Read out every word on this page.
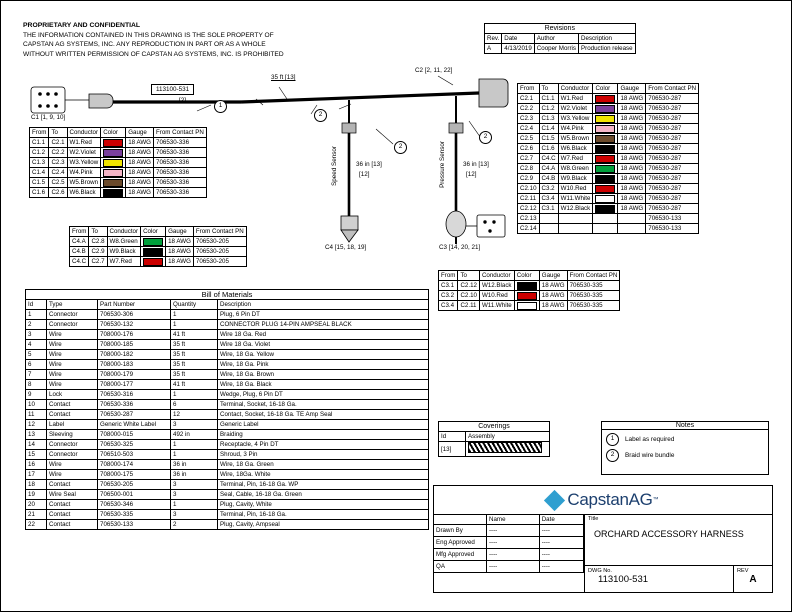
PROPRIETARY AND CONFIDENTIAL
THE INFORMATION CONTAINED IN THIS DRAWING IS THE SOLE PROPERTY OF
CAPSTAN AG SYSTEMS, INC. ANY REPRODUCTION IN PART OR AS A WHOLE
WITHOUT WRITTEN PERMISSION OF CAPSTAN AG SYSTEMS, INC. IS PROHIBITED
Revisions			
Rev.	Date	Author	Description
A	4/13/2019	Cooper Morris	Production release
C1 [1, 9, 10]
C2 [2, 11, 22]
C3 [14, 20, 21]
C4 [15, 18, 19]
113100-531
[2]
35 ft [13]
36 in [13]
[12]
36 in [13]
[12]
Speed Sensor	Pressure Sensor
1
2
2
2
From	To	Conductor	Color	Gauge	From Contact PN
C1.1	C2.1	W1.Red		18 AWG	706530-336
C1.2	C2.2	W2.Violet		18 AWG	706530-336
C1.3	C2.3	W3.Yellow		18 AWG	706530-336
C1.4	C2.4	W4.Pink		18 AWG	706530-336
C1.5	C2.5	W5.Brown		18 AWG	706530-336
C1.6	C2.6	W6.Black		18 AWG	706530-336
From	To	Conductor	Color	Gauge	From Contact PN
C4.A	C2.8	W8.Green		18 AWG	706530-205
C4.B	C2.9	W9.Black		18 AWG	706530-205
C4.C	C2.7	W7.Red		18 AWG	706530-205
From	To	Conductor	Color	Gauge	From Contact PN
C2.1	C1.1	W1.Red		18 AWG	706530-287
C2.2	C1.2	W2.Violet		18 AWG	706530-287
C2.3	C1.3	W3.Yellow		18 AWG	706530-287
C2.4	C1.4	W4.Pink		18 AWG	706530-287
C2.5	C1.5	W5.Brown		18 AWG	706530-287
C2.6	C1.6	W6.Black		18 AWG	706530-287
C2.7	C4.C	W7.Red		18 AWG	706530-287
C2.8	C4.A	W8.Green		18 AWG	706530-287
C2.9	C4.B	W9.Black		18 AWG	706530-287
C2.10	C3.2	W10.Red		18 AWG	706530-287
C2.11	C3.4	W11.White		18 AWG	706530-287
C2.12	C3.1	W12.Black		18 AWG	706530-287
C2.13					706530-133
C2.14					706530-133
From	To	Conductor	Color	Gauge	From Contact PN
C3.1	C2.12	W12.Black		18 AWG	706530-335
C3.2	C2.10	W10.Red		18 AWG	706530-335
C3.4	C2.11	W11.White		18 AWG	706530-335
Bill of Materials				
Id	Type	Part Number	Quantity	Description
1	Connector	706530-306	1	Plug, 6 Pin DT
2	Connector	706530-132	1	CONNECTOR PLUG 14-PIN AMPSEAL BLACK
3	Wire	708000-176	41 ft	Wire 18 Ga. Red
4	Wire	708000-185	35 ft	Wire 18 Ga. Violet
5	Wire	708000-182	35 ft	Wire, 18 Ga. Yellow
6	Wire	708000-183	35 ft	Wire, 18 Ga. Pink
7	Wire	708000-179	35 ft	Wire, 18 Ga. Brown
8	Wire	708000-177	41 ft	Wire, 18 Ga. Black
9	Lock	706530-316	1	Wedge, Plug, 6 Pin DT
10	Contact	706530-336	6	Terminal, Socket, 16-18 Ga.
11	Contact	706530-287	12	Contact, Socket, 16-18 Ga. TE Amp Seal
12	Label	Generic White Label	3	Generic Label
13	Sleeving	708000-015	492 in	Braiding
14	Connector	706530-325	1	Receptacle, 4 Pin DT
15	Connector	706510-503	1	Shroud, 3 Pin
16	Wire	708000-174	36 in	Wire, 18 Ga. Green
17	Wire	708000-175	36 in	Wire, 18Ga. White
18	Contact	706530-205	3	Terminal, Pin, 16-18 Ga. WP
19	Wire Seal	706500-001	3	Seal, Cable, 16-18 Ga. Green
20	Contact	706530-346	1	Plug, Cavity, White
21	Contact	706530-335	3	Terminal, Pin, 16-18 Ga.
22	Contact	706530-133	2	Plug, Cavity, Ampseal
Coverings	
Id	Assembly
[13]	
Notes
1	Label as required
2	Braid wire bundle
CapstanAG ™
	Name	Date
Drawn By	----	----
Eng Approved	----	----
Mfg Approved	----	----
QA	----	----
Title
ORCHARD ACCESSORY HARNESS
DWG No.
113100-531
REV
A
